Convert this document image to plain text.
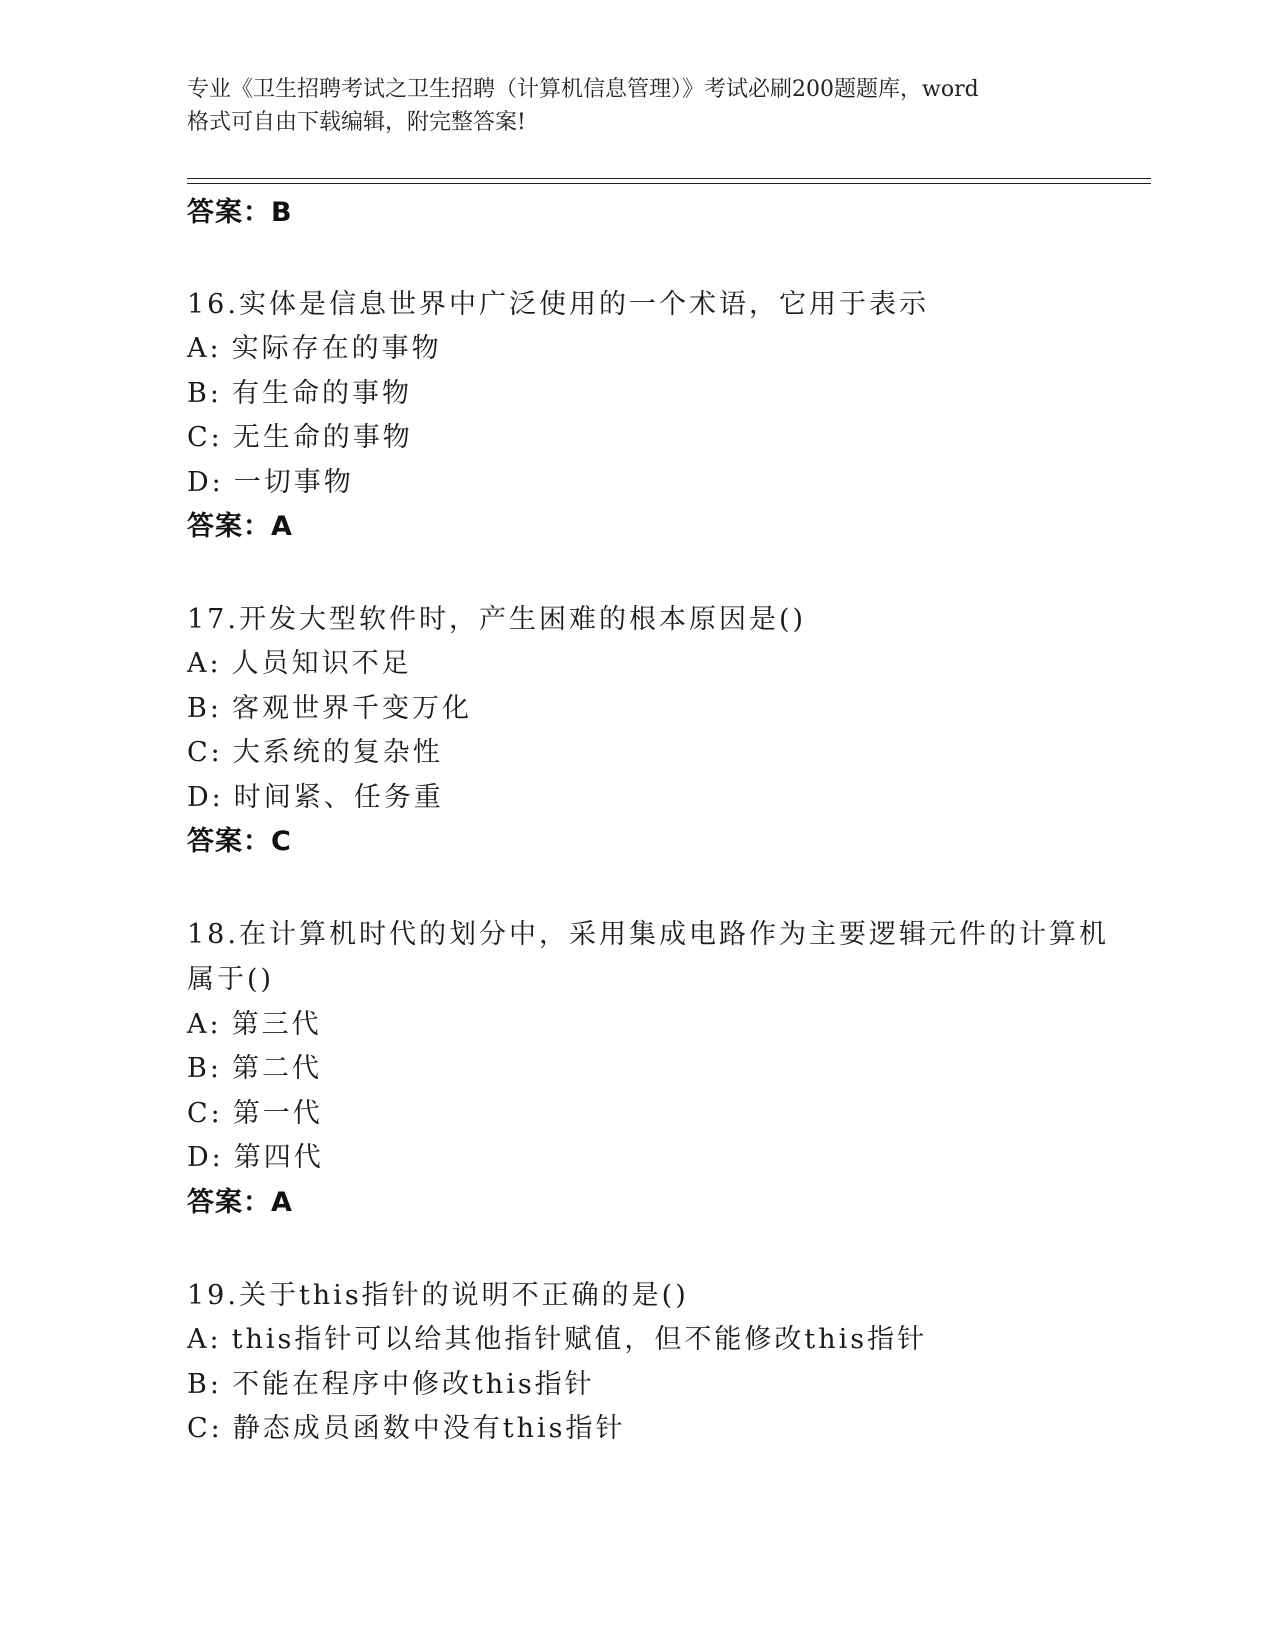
专业《卫生招聘考试之卫生招聘（计算机信息管理）》考试必刷200题题库，word
格式可自由下载编辑，附完整答案!
答案：B
16.实体是信息世界中广泛使用的一个术语，它用于表示
A: 实际存在的事物
B: 有生命的事物
C: 无生命的事物
D: 一切事物
答案：A
17.开发大型软件时，产生困难的根本原因是()
A: 人员知识不足
B: 客观世界千变万化
C: 大系统的复杂性
D: 时间紧、任务重
答案：C
18.在计算机时代的划分中，采用集成电路作为主要逻辑元件的计算机
属于()
A: 第三代
B: 第二代
C: 第一代
D: 第四代
答案：A
19.关于this指针的说明不正确的是()
A: this指针可以给其他指针赋值，但不能修改this指针
B: 不能在程序中修改this指针
C: 静态成员函数中没有this指针
